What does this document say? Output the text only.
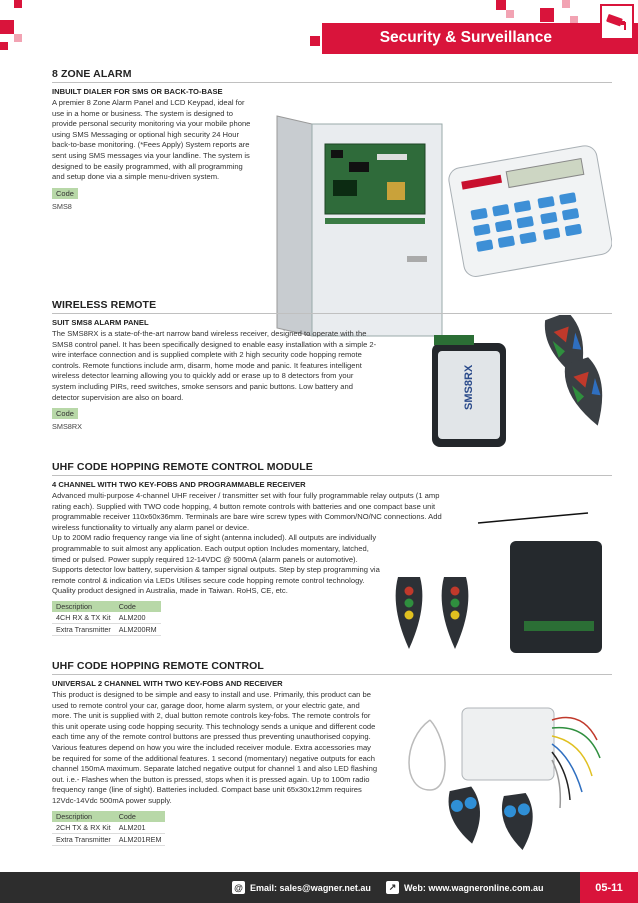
Security & Surveillance
8 ZONE ALARM
INBUILT DIALER FOR SMS OR BACK-TO-BASE
A premier 8 Zone Alarm Panel and LCD Keypad, ideal for use in a home or business. The system is designed to provide personal security monitoring via your mobile phone using SMS Messaging or optional high security 24 Hour back-to-base monitoring. (*Fees Apply) System reports are sent using SMS messages via your landline. The system is designed to be easily programmed, with all programming and setup done via a simple menu-driven system.
Code
SMS8
WIRELESS REMOTE
SUIT SMS8 ALARM PANEL
The SMS8RX is a state-of-the-art narrow band wireless receiver, designed to operate with the SMS8 control panel. It has been specifically designed to enable easy installation with a simple 2-wire interface connection and is supplied complete with 2 high security code hopping remote controls. Remote functions include arm, disarm, home mode and panic. It features intelligent wireless detector learning allowing you to quickly add or erase up to 8 detectors from your system including PIRs, reed switches, smoke sensors and panic buttons. Low battery and detector supervision are also on board.
Code
SMS8RX
SMS8RX
UHF CODE HOPPING REMOTE CONTROL MODULE
4 CHANNEL WITH TWO KEY-FOBS AND PROGRAMMABLE RECEIVER
Advanced multi-purpose 4-channel UHF receiver / transmitter set with four fully programmable relay outputs (1 amp rating each). Supplied with TWO code hopping, 4 button remote controls with batteries and one compact base unit programmable receiver 110x60x36mm. Terminals are bare wire screw types with Common/NO/NC connections. Add wireless functionality to virtually any alarm panel or device.
Up to 200M radio frequency range via line of sight (antenna included). All outputs are individually programmable to suit almost any application. Each output option Includes momentary, latched, timed or pulsed. Power supply required 12-14VDC @ 500mA (alarm panels or automotive). Supports detector low battery, supervision & tamper signal outputs. Step by step programming via remote control & indication via LEDs Utilises secure code hopping remote control technology.
Quality product designed in Australia, made in Taiwan. RoHS, CE, etc.
Description	Code
4CH RX & TX Kit	ALM200
Extra Transmitter	ALM200RM
UHF CODE HOPPING REMOTE CONTROL
UNIVERSAL 2 CHANNEL WITH TWO KEY-FOBS AND RECEIVER
This product is designed to be simple and easy to install and use. Primarily, this product can be used to remote control your car, garage door, home alarm system, or your electric gate, and more. The unit is supplied with 2, dual button remote controls key-fobs. The remote controls for this unit operate using code hopping security. This technology sends a unique and different code each time any of the remote control buttons are pressed thus preventing unauthorised copying. Various features depend on how you wire the included receiver module. Extra accessories may be required for some of the additional features. 1 second (momentary) negative outputs for each channel 150mA maximum. Separate latched negative output for channel 1 and also LED flashing out. i.e.- Flashes when the button is pressed, stops when it is pressed again. Up to 100m radio frequency range (line of sight). Batteries included. Compact base unit 65x30x12mm requires 12Vdc-14Vdc 500mA power supply.
Description	Code
2CH TX & RX Kit	ALM201
Extra Transmitter	ALM201REM
@ Email: sales@wagner.net.au	↗ Web: www.wagneronline.com.au	05-11
